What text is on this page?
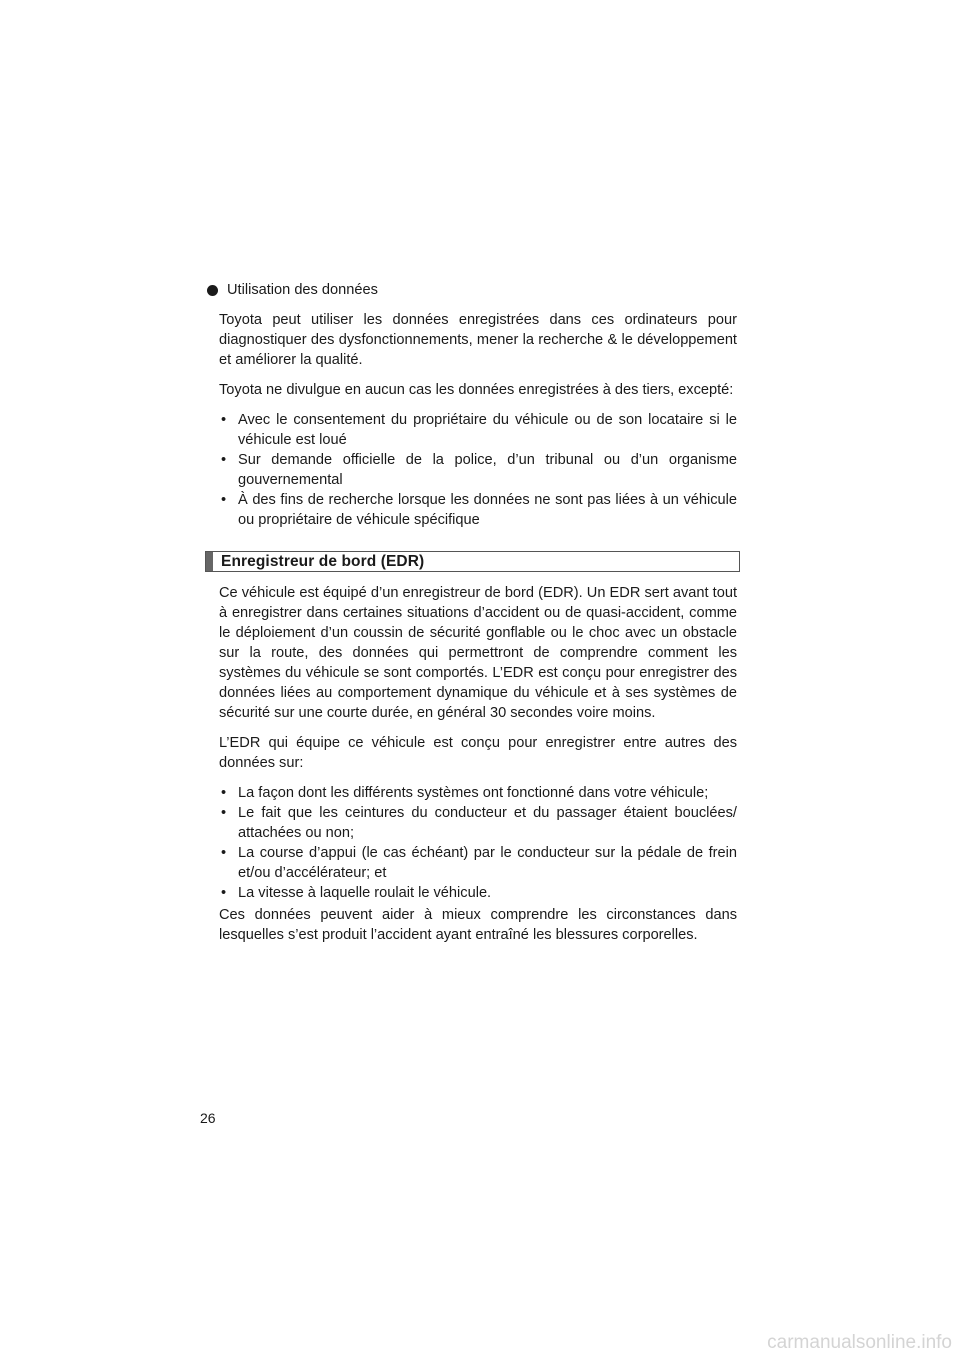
Utilisation des données

Toyota peut utiliser les données enregistrées dans ces ordinateurs pour diagnostiquer des dysfonctionnements, mener la recherche & le développement et améliorer la qualité.

Toyota ne divulgue en aucun cas les données enregistrées à des tiers, excepté:

• Avec le consentement du propriétaire du véhicule ou de son locataire si le véhicule est loué
• Sur demande officielle de la police, d’un tribunal ou d’un organisme gouvernemental
• À des fins de recherche lorsque les données ne sont pas liées à un véhicule ou propriétaire de véhicule spécifique
Enregistreur de bord (EDR)

Ce véhicule est équipé d’un enregistreur de bord (EDR). Un EDR sert avant tout à enregistrer dans certaines situations d’accident ou de quasi-accident, comme le déploiement d’un coussin de sécurité gonflable ou le choc avec un obstacle sur la route, des données qui permettront de comprendre comment les systèmes du véhicule se sont comportés. L’EDR est conçu pour enregistrer des données liées au comportement dynamique du véhicule et à ses systèmes de sécurité sur une courte durée, en général 30 secondes voire moins.

L’EDR qui équipe ce véhicule est conçu pour enregistrer entre autres des données sur:

• La façon dont les différents systèmes ont fonctionné dans votre véhicule;
• Le fait que les ceintures du conducteur et du passager étaient bouclées/ attachées ou non;
• La course d’appui (le cas échéant) par le conducteur sur la pédale de frein et/ou d’accélérateur; et
• La vitesse à laquelle roulait le véhicule.

Ces données peuvent aider à mieux comprendre les circonstances dans lesquelles s’est produit l’accident ayant entraîné les blessures corporelles.

26
carmanualsonline.info
